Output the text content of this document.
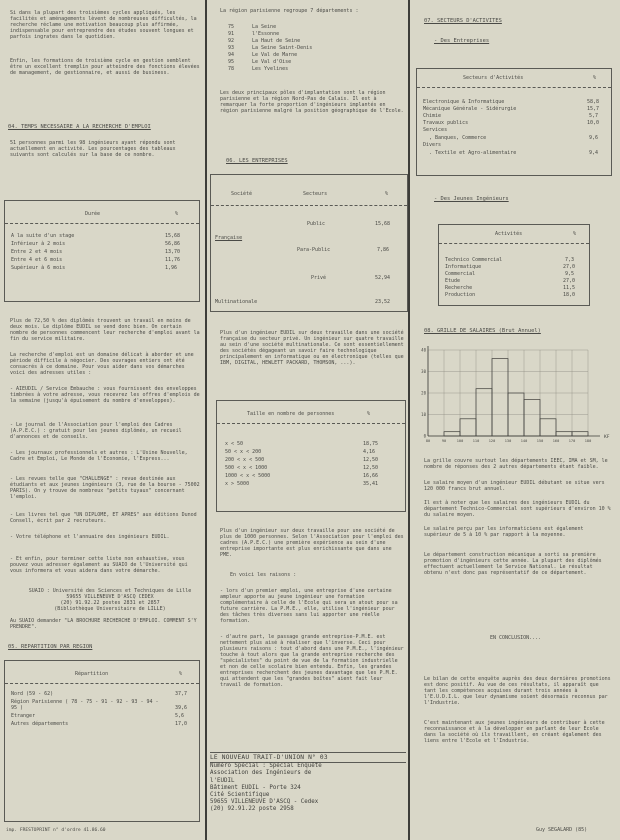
Si dans la plupart des troisièmes cycles appliqués, les facilités et aménagements lèvent de nombreuses difficultés, la recherche réclame une motivation beaucoup plus affirmée, indispensable pour entreprendre des études souvent longues et parfois ingrates dans le quotidien.

Enfin, les formations de troisième cycle en gestion semblent être un excellent tremplin pour atteindre des fonctions élevées de management, de gestionnaire, et aussi de business.

04. TEMPS NECESSAIRE A LA RECHERCHE D'EMPLOI

51 personnes parmi les 98 ingénieurs ayant répondu sont actuellement en activité. Les pourcentages des tableaux suivants sont calculés sur la base de ce nombre.

Durée	%
A la suite d'un stage	15,68
Inférieur à 2 mois	56,86
Entre 2 et 4 mois	13,70
Entre 4 et 6 mois	11,76
Supérieur à 6 mois	1,96

Plus de 72,50 % des diplômés trouvent un travail en moins de deux mois. Le diplôme EUDIL se vend donc bien. On certain nombre de personnes commencent leur recherche d'emploi avant la fin du service militaire.

La recherche d'emploi est un domaine délicat à aborder et une période difficile à négocier. Des ouvrages entiers ont été consacrés à ce domaine. Pour vous aider dans vos démarches voici des adresses utiles :

- AIEUDIL / Service Embauche : vous fournissent des enveloppes timbrées à votre adresse, vous recevrez les offres d'emplois de la semaine (jusqu'à épuisement du nombre d'enveloppes).

- Le journal de l'Association pour l'emploi des Cadres (A.P.E.C.) : gratuit pour les jeunes diplômés, un recueil d'annonces et de conseils.

- Les journaux professionnels et autres : L'Usine Nouvelle, Cadre et Emploi, Le Monde de l'Economie, l'Express...

- Les revues telle que "CHALLENGE" : revue destinée aux étudiants et aux jeunes ingénieurs (3, rue de la bourse - 75002 PARIS). On y trouve de nombreux "petits tuyaux" concernant l'emploi.

- Les livres tel que "UN DIPLOME, ET APRES" aux éditions Dunod Consell, écrit par 2 recruteurs.

- Votre téléphone et l'annuaire des ingénieurs EUDIL.

- Et enfin, pour terminer cette liste non exhaustive, vous pouvez vous adresser également au SUAIO de l'Université qui vous informera et vous aidera dans votre démarche.

SUAIO : Université des Sciences et Techniques de Lille
59655 VILLENEUVE D'ASCQ CEDEX
(20) 91.92.22 postes 2831 et 2857
(Bibliothèque Universitaire de LILLE)

Au SUAIO demander "LA BROCHURE RECHERCHE D'EMPLOI. COMMENT S'Y PRENDRE".

05. REPARTITION PAR REGION

Répartition	%
Nord (59 - 62)	37,7
Région Parisienne ( 78 - 75 - 91 - 92 - 93 - 94 - 95 )	39,6
Etranger	5,6
Autres départements	17,0

imp. FRESTOPRINT n° d'ordre 41.86.60

La région parisienne regroupe 7 départements :

75	La Seine
91	l'Essonne
92	La Haut de Seine
93	La Seine Saint-Denis
94	Le Val de Marne
95	Le Val d'Oise
78	Les Yvelines

Les deux principaux pôles d'implantation sont la région parisienne et la région Nord-Pas de Calais. Il est à remarquer la forte proportion d'ingénieurs implantés en région parisienne malgré la position géographique de l'Ecole.

06. LES ENTREPRISES

Société	Secteurs	%
Française
Public	15,68
Para-Public	7,86
Privé	52,94
Multinationale	23,52

Plus d'un ingénieur EUDIL sur deux travaille dans une société française du secteur privé. Un ingénieur sur quatre travaille au sein d'une société multinationale. Ce sont essentiellement des sociétés dégageant un savoir faire technologique principalement en informatique ou en électronique (telles que IBM, DIGITAL, HEWLETT PACKARD, THOMSON, ...).

Taille en nombre de personnes	%
x < 50	18,75
50 < x < 200	4,16
200 < x < 500	12,50
500 < x < 1000	12,50
1000 < x < 5000	16,66
x > 5000	35,41

Plus d'un ingénieur sur deux travaille pour une société de plus de 1000 personnes. Selon l'Association pour l'emploi des cadres (A.P.E.C.) une première expérience au sein d'une entreprise importante est plus enrichissante que dans une PME.

En voici les raisons :

- lors d'un premier emploi, une entreprise d'une certaine ampleur apporte au jeune ingénieur une formation complémentaire à celle de l'Ecole qui sera un atout pour sa future carrière. La P.M.E., elle, utilise l'ingénieur pour des tâches très diverses sans lui apporter une réelle formation.

- d'autre part, le passage grande entreprise-P.M.E. est nettement plus aisé à réaliser que l'inverse. Ceci pour plusieurs raisons : tout d'abord dans une P.M.E., l'ingénieur touche à tout alors que la grande entreprise recherche des "spécialistes" du point de vue de la formation industrielle et non de celle scolaire bien entendu. Enfin, les grandes entreprises recherchent des jeunes davantage que les P.M.E. qui attendent que les "grandes boîtes" aient fait leur travail de formation.

LE NOUVEAU TRAIT-D'UNION N° 03
Numéro Spécial : Spécial Enquête
Association des Ingénieurs de
l'EUDIL
Bâtiment EUDIL - Porte 324
Cité Scientifique
59655 VILLENEUVE D'ASCQ - Cedex
(20) 92.91.22 poste 2958

07. SECTEURS D'ACTIVITES

- Des Entreprises

Secteurs d'Activités	%
Electronique & Informatique	58,8
Mécanique Générale - Sidérurgie	15,7
Chimie	5,7
Travaux publics	10,0
Services
, Banques, Commerce	9,6
Divers
. Textile et Agro-alimentaire	9,4

- Des Jeunes Ingénieurs

Activités	%
Technico Commercial	7,3
Informatique	27,0
Commercial	9,5
Etude	27,0
Recherche	11,5
Production	18,0

08. GRILLE DE SALAIRES (Brut Annuel)

0
10
20
30
40
80	90	100	110	120	130	140	150	160	170	180
KF

La grille couvre surtout les départements IEEC, IMA et SM, le nombre de réponses des 2 autres départements étant faible.

Le salaire moyen d'un ingénieur EUDIL débutant se situe vers 120 000 francs brut annuel.

Il est à noter que les salaires des ingénieurs EUDIL du département Technico-Commercial sont supérieurs d'environ 10 % du salaire moyen.

Le salaire perçu par les informaticiens est également supérieur de 5 à 10 % par rapport à la moyenne.

Le département construction mécanique a sorti sa première promotion d'ingénieurs cette année. La plupart des diplômés effectuent actuellement le Service National. Le résultat obtenu n'est donc pas représentatif de ce département.

EN CONCLUSION....

Le bilan de cette enquête auprès des deux dernières promotions est donc positif. Au vue de ces résultats, il apparaît que tant les compétences acquises durant trois années à l'E.U.D.I.L. que leur dynamisme soient désormais reconnus par l'Industrie.

C'est maintenant aux jeunes ingénieurs de contribuer à cette reconnaissance et à la développer en parlant de leur Ecole dans la société où ils travaillent, en créant également des liens entre l'Ecole et l'Industrie.

Guy SEGALARD (85)
